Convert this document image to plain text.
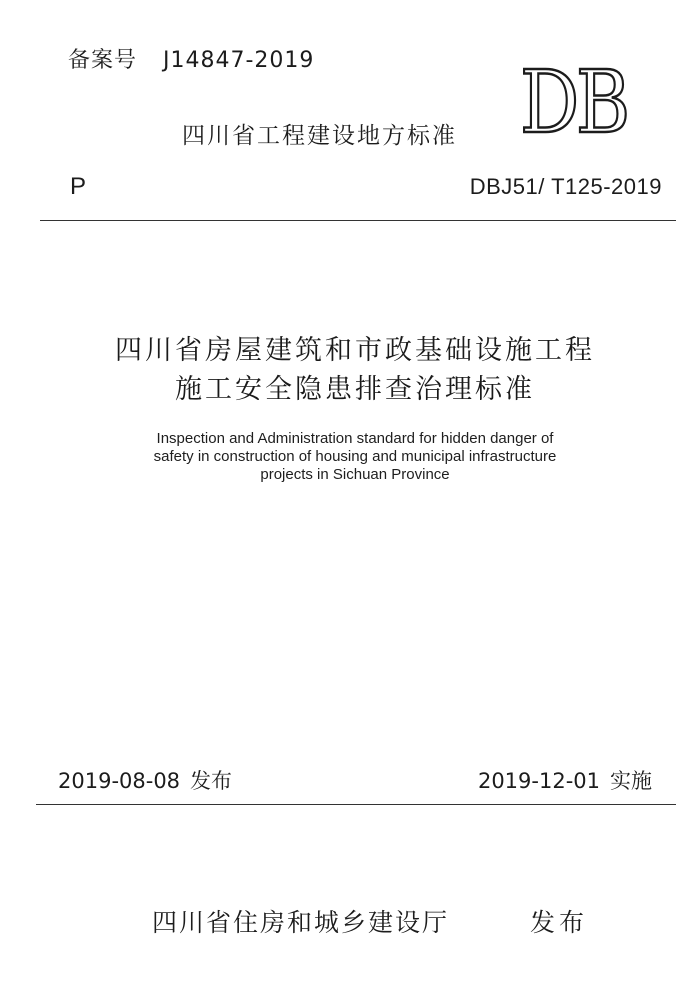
备案号 J14847-2019
四川省工程建设地方标准 DB
P	DBJ51/ T125-2019
四川省房屋建筑和市政基础设施工程
施工安全隐患排查治理标准
Inspection and Administration standard for hidden danger of
safety in construction of housing and municipal infrastructure
projects in Sichuan Province
2019-08-08 发布	2019-12-01 实施
四川省住房和城乡建设厅	发布
